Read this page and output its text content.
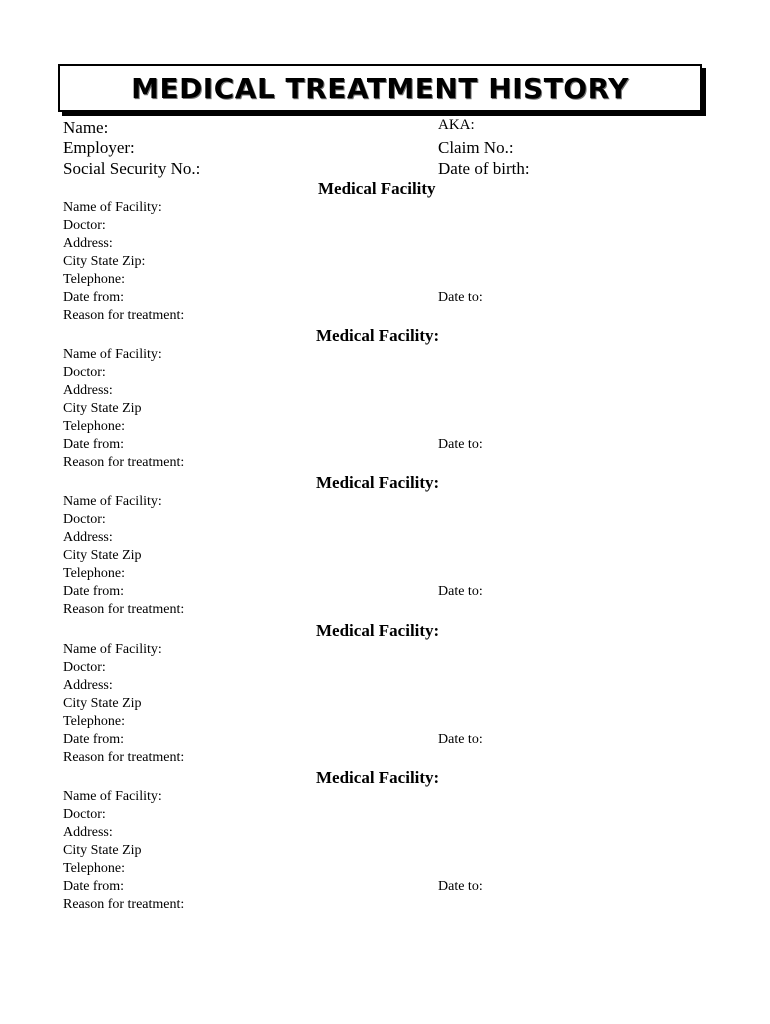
MEDICAL TREATMENT HISTORY
Name:	AKA:
Employer:	Claim No.:
Social Security No.:	Date of birth:
Medical Facility
Name of Facility:
Doctor:
Address:
City State Zip:
Telephone:
Date from:	Date to:
Reason for treatment:
Medical Facility:
Name of Facility:
Doctor:
Address:
City State Zip
Telephone:
Date from:	Date to:
Reason for treatment:
Medical Facility:
Name of Facility:
Doctor:
Address:
City State Zip
Telephone:
Date from:	Date to:
Reason for treatment:
Medical Facility:
Name of Facility:
Doctor:
Address:
City State Zip
Telephone:
Date from:	Date to:
Reason for treatment:
Medical Facility:
Name of Facility:
Doctor:
Address:
City State Zip
Telephone:
Date from:	Date to:
Reason for treatment:
